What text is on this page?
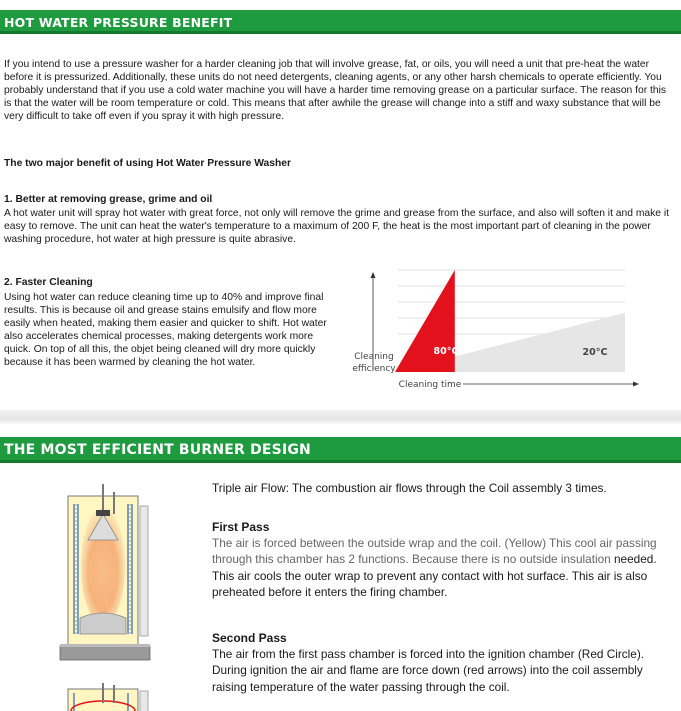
HOT WATER PRESSURE BENEFIT

If you intend to use a pressure washer for a harder cleaning job that will involve grease, fat, or oils, you will need a unit that pre-heat the water before it is pressurized. Additionally, these units do not need detergents, cleaning agents, or any other harsh chemicals to operate efficiently. You probably understand that if you use a cold water machine you will have a harder time removing grease on a particular surface. The reason for this is that the water will be room temperature or cold. This means that after awhile the grease will change into a stiff and waxy substance that will be very difficult to take off even if you spray it with high pressure.

The two major benefit of using Hot Water Pressure Washer

1. Better at removing grease, grime and oil

A hot water unit will spray hot water with great force, not only will remove the grime and grease from the surface, and also will soften it and make it easy to remove. The unit can heat the water's temperature to a maximum of 200 F, the heat is the most important part of cleaning in the power washing procedure, hot water at high pressure is quite abrasive.

2. Faster Cleaning

Using hot water can reduce cleaning time up to 40% and improve final results. This is because oil and grease stains emulsify and flow more easily when heated, making them easier and quicker to shift. Hot water also accelerates chemical processes, making detergents work more quick. On top of all this, the objet being cleaned will dry more quickly because it has been warmed by cleaning the hot water.

80°C	20°C
Cleaning
efficiency
Cleaning time
THE MOST EFFICIENT BURNER DESIGN

Triple air Flow: The combustion air flows through the Coil assembly 3 times.

First Pass

The air is forced between the outside wrap and the coil. (Yellow) This cool air passing through this chamber has 2 functions. Because there is no outside insulation needed. This air cools the outer wrap to prevent any contact with hot surface. This air is also preheated before it enters the firing chamber.

Second Pass

The air from the first pass chamber is forced into the ignition chamber (Red Circle). During ignition the air and flame are force down (red arrows) into the coil assembly raising temperature of the water passing through the coil.
